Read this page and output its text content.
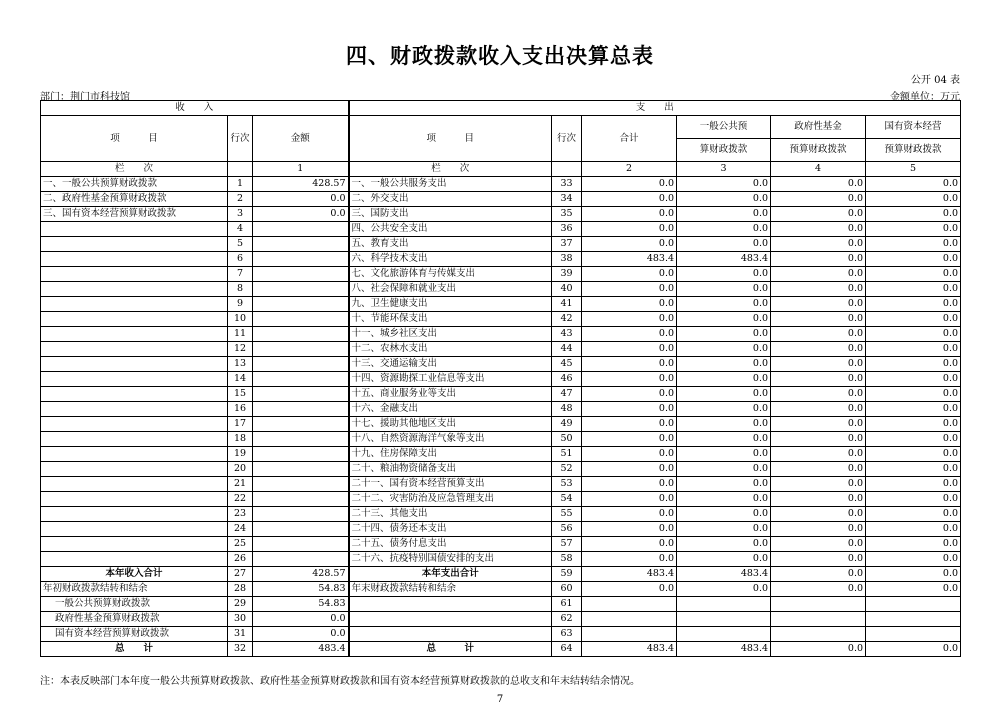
四、财政拨款收入支出决算总表
公开 04 表
部门：荆门市科技馆	金额单位：万元
收　　入			支　　出					
项　　　目	行次	金额	项　　　目	行次	合计	一般公共预	政府性基金	国有资本经营
						算财政拨款	预算财政拨款	预算财政拨款
栏　　次		1	栏　　次		2	3	4	5
一、一般公共预算财政拨款	1	428.57	一、一般公共服务支出	33	0.0	0.0	0.0	0.0
二、政府性基金预算财政拨款	2	0.0	二、外交支出	34	0.0	0.0	0.0	0.0
三、国有资本经营预算财政拨款	3	0.0	三、国防支出	35	0.0	0.0	0.0	0.0
	4		四、公共安全支出	36	0.0	0.0	0.0	0.0
	5		五、教育支出	37	0.0	0.0	0.0	0.0
	6		六、科学技术支出	38	483.4	483.4	0.0	0.0
	7		七、文化旅游体育与传媒支出	39	0.0	0.0	0.0	0.0
	8		八、社会保障和就业支出	40	0.0	0.0	0.0	0.0
	9		九、卫生健康支出	41	0.0	0.0	0.0	0.0
	10		十、节能环保支出	42	0.0	0.0	0.0	0.0
	11		十一、城乡社区支出	43	0.0	0.0	0.0	0.0
	12		十二、农林水支出	44	0.0	0.0	0.0	0.0
	13		十三、交通运输支出	45	0.0	0.0	0.0	0.0
	14		十四、资源勘探工业信息等支出	46	0.0	0.0	0.0	0.0
	15		十五、商业服务业等支出	47	0.0	0.0	0.0	0.0
	16		十六、金融支出	48	0.0	0.0	0.0	0.0
	17		十七、援助其他地区支出	49	0.0	0.0	0.0	0.0
	18		十八、自然资源海洋气象等支出	50	0.0	0.0	0.0	0.0
	19		十九、住房保障支出	51	0.0	0.0	0.0	0.0
	20		二十、粮油物资储备支出	52	0.0	0.0	0.0	0.0
	21		二十一、国有资本经营预算支出	53	0.0	0.0	0.0	0.0
	22		二十二、灾害防治及应急管理支出	54	0.0	0.0	0.0	0.0
	23		二十三、其他支出	55	0.0	0.0	0.0	0.0
	24		二十四、债务还本支出	56	0.0	0.0	0.0	0.0
	25		二十五、债务付息支出	57	0.0	0.0	0.0	0.0
	26		二十六、抗疫特别国债安排的支出	58	0.0	0.0	0.0	0.0
本年收入合计	27	428.57	本年支出合计	59	483.4	483.4	0.0	0.0
年初财政拨款结转和结余	28	54.83	年末财政拨款结转和结余	60	0.0	0.0	0.0	0.0
一般公共预算财政拨款	29	54.83		61				
政府性基金预算财政拨款	30	0.0		62				
国有资本经营预算财政拨款	31	0.0		63				
总　　计	32	483.4	总　　　计	64	483.4	483.4	0.0	0.0
注：本表反映部门本年度一般公共预算财政拨款、政府性基金预算财政拨款和国有资本经营预算财政拨款的总收支和年末结转结余情况。
7
